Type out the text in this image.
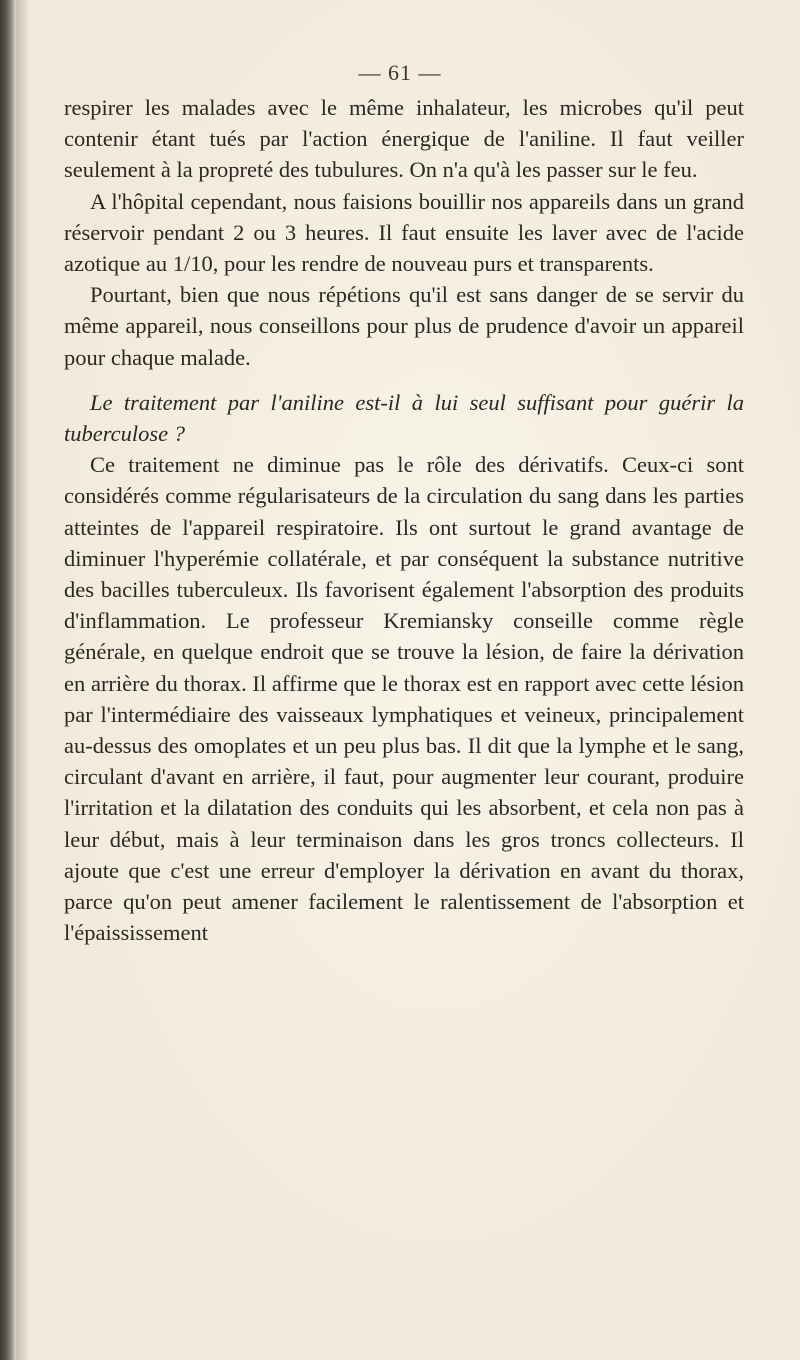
— 61 —

respirer les malades avec le même inhalateur, les microbes qu'il peut contenir étant tués par l'action énergique de l'aniline. Il faut veiller seulement à la propreté des tubulures. On n'a qu'à les passer sur le feu.

A l'hôpital cependant, nous faisions bouillir nos appareils dans un grand réservoir pendant 2 ou 3 heures. Il faut ensuite les laver avec de l'acide azotique au 1/10, pour les rendre de nouveau purs et transparents.

Pourtant, bien que nous répétions qu'il est sans danger de se servir du même appareil, nous conseillons pour plus de prudence d'avoir un appareil pour chaque malade.

Le traitement par l'aniline est-il à lui seul suffisant pour guérir la tuberculose ?

Ce traitement ne diminue pas le rôle des dérivatifs. Ceux-ci sont considérés comme régularisateurs de la circulation du sang dans les parties atteintes de l'appareil respiratoire. Ils ont surtout le grand avantage de diminuer l'hyperémie collatérale, et par conséquent la substance nutritive des bacilles tuberculeux. Ils favorisent également l'absorption des produits d'inflammation. Le professeur Kremiansky conseille comme règle générale, en quelque endroit que se trouve la lésion, de faire la dérivation en arrière du thorax. Il affirme que le thorax est en rapport avec cette lésion par l'intermédiaire des vaisseaux lymphatiques et veineux, principalement au-dessus des omoplates et un peu plus bas. Il dit que la lymphe et le sang, circulant d'avant en arrière, il faut, pour augmenter leur courant, produire l'irritation et la dilatation des conduits qui les absorbent, et cela non pas à leur début, mais à leur terminaison dans les gros troncs collecteurs. Il ajoute que c'est une erreur d'employer la dérivation en avant du thorax, parce qu'on peut amener facilement le ralentissement de l'absorption et l'épaississement
